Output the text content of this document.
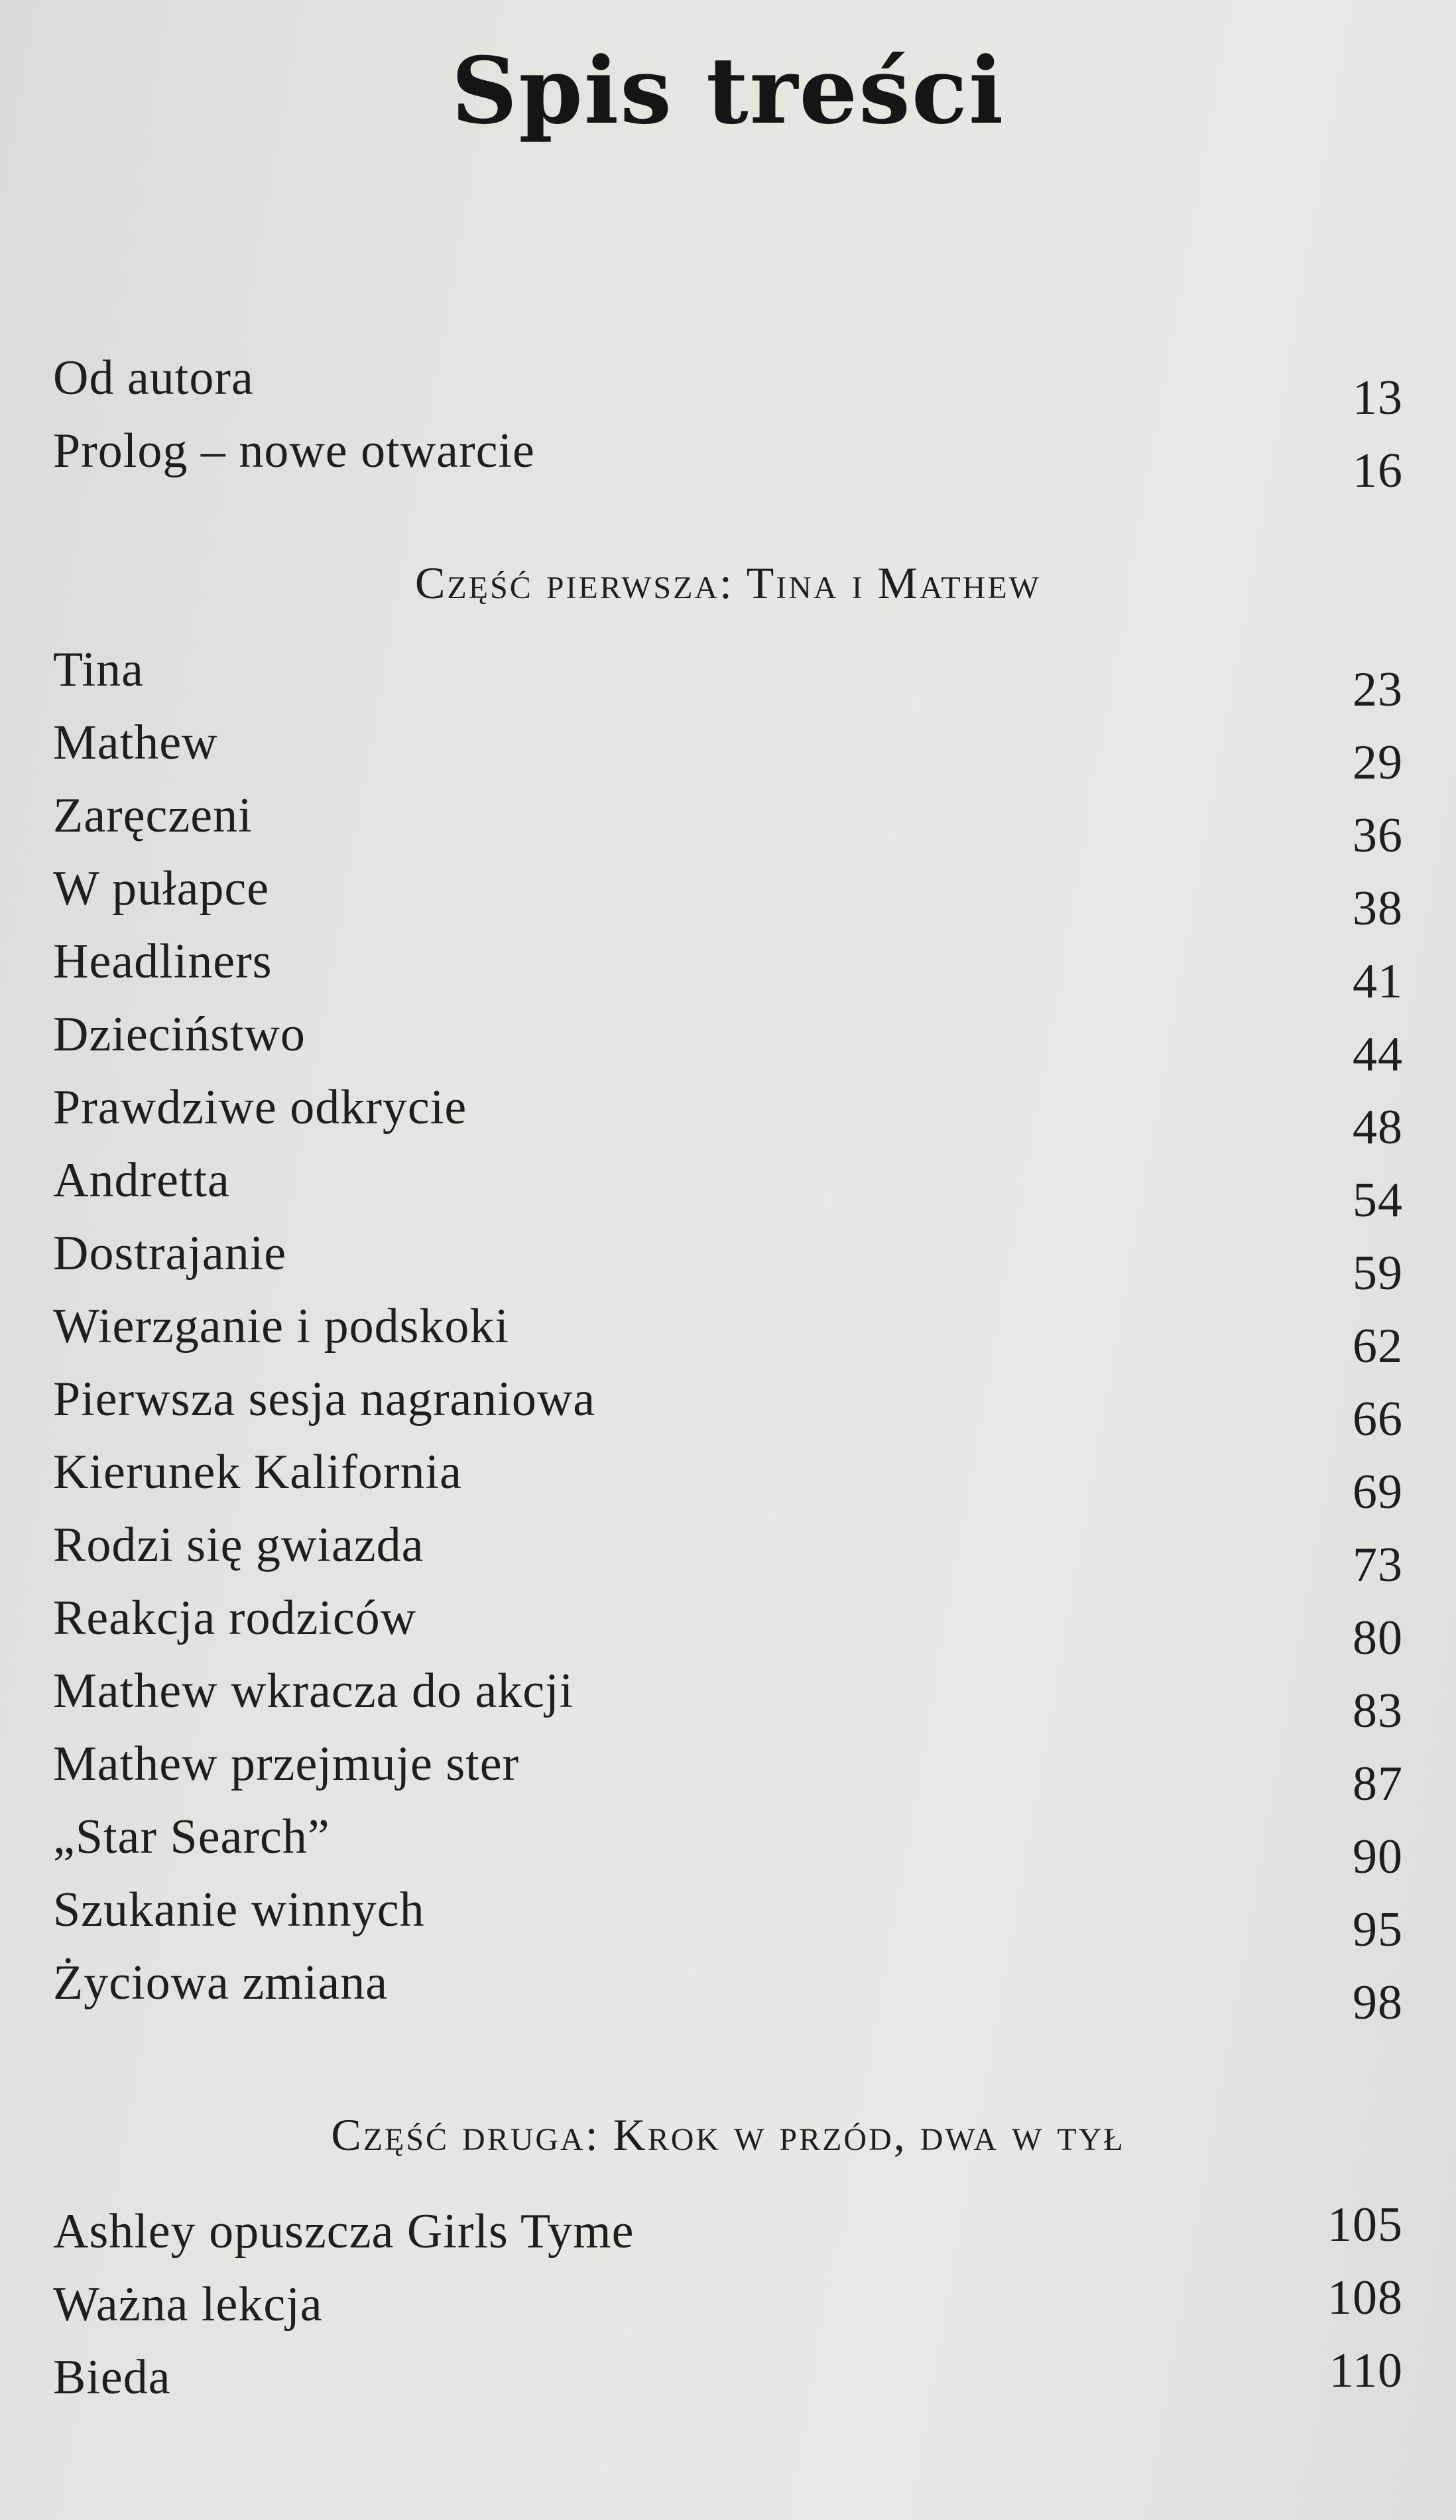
Spis treści
Od autora	13
Prolog – nowe otwarcie	16
Część pierwsza: Tina i Mathew
Tina	23
Mathew	29
Zaręczeni	36
W pułapce	38
Headliners	41
Dzieciństwo	44
Prawdziwe odkrycie	48
Andretta	54
Dostrajanie	59
Wierzganie i podskoki	62
Pierwsza sesja nagraniowa	66
Kierunek Kalifornia	69
Rodzi się gwiazda	73
Reakcja rodziców	80
Mathew wkracza do akcji	83
Mathew przejmuje ster	87
„Star Search”	90
Szukanie winnych	95
Życiowa zmiana	98
Część druga: Krok w przód, dwa w tył
Ashley opuszcza Girls Tyme	105
Ważna lekcja	108
Bieda	110
